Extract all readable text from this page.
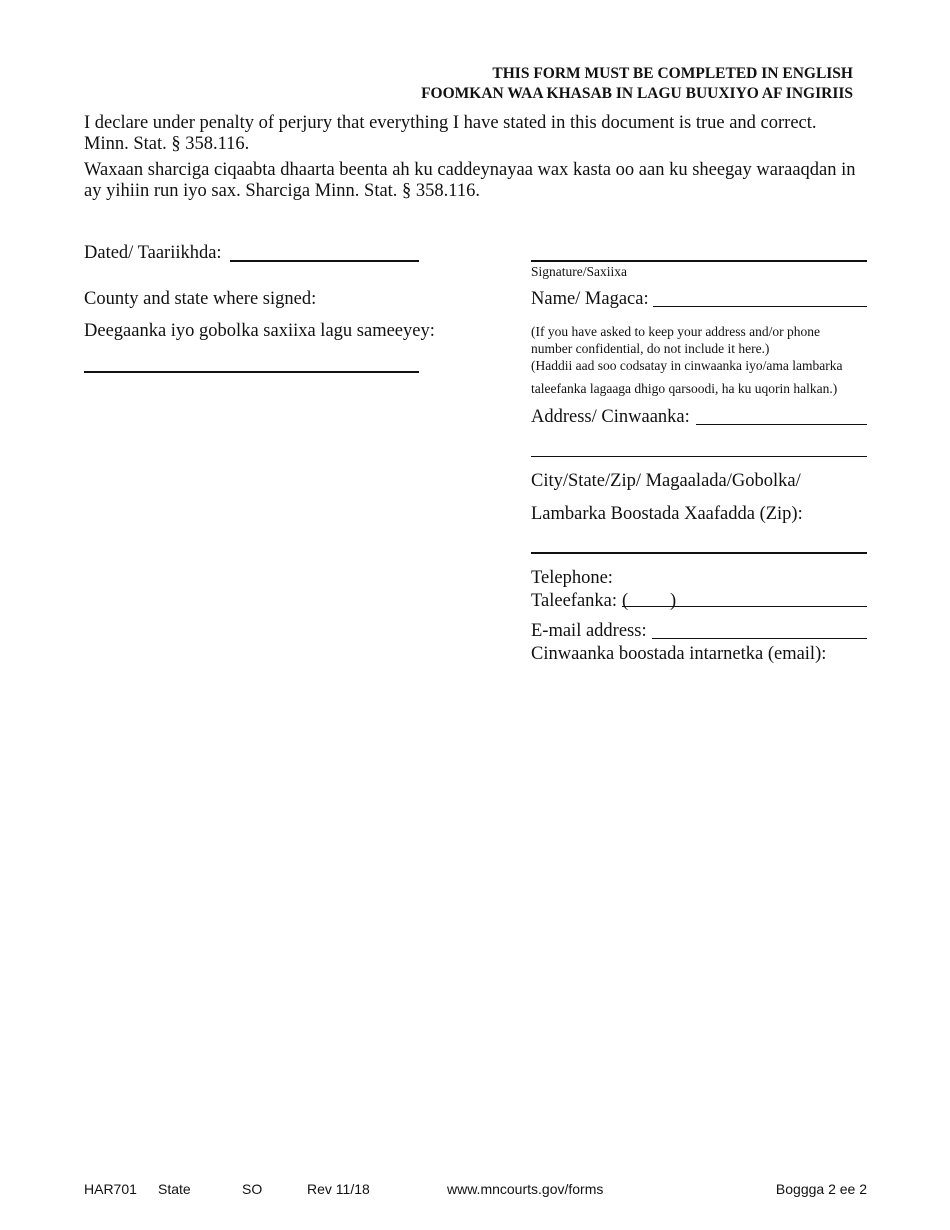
THIS FORM MUST BE COMPLETED IN ENGLISH
FOOMKAN WAA KHASAB IN LAGU BUUXIYO AF INGIRIIS
I declare under penalty of perjury that everything I have stated in this document is true and correct.
Minn. Stat. § 358.116.
Waxaan sharciga ciqaabta dhaarta beenta ah ku caddeynayaa wax kasta oo aan ku sheegay waraaqdan in
ay yihiin run iyo sax. Sharciga Minn. Stat. § 358.116.
Dated/ Taariikhda:
County and state where signed:
Deegaanka iyo gobolka saxiixa lagu sameeyey:
Signature/Saxiixa
Name/ Magaca:
(If you have asked to keep your address and/or phone
number confidential, do not include it here.)
(Haddii aad soo codsatay in cinwaanka iyo/ama lambarka
taleefanka lagaaga dhigo qarsoodi, ha ku uqorin halkan.)
Address/ Cinwaanka:
City/State/Zip/ Magaalada/Gobolka/
Lambarka Boostada Xaafadda (Zip):
Telephone:
Taleefanka: ( )
E-mail address:
Cinwaanka boostada intarnetka (email):
HAR701 State	SO	Rev 11/18	www.mncourts.gov/forms	Boggga 2 ee 2
